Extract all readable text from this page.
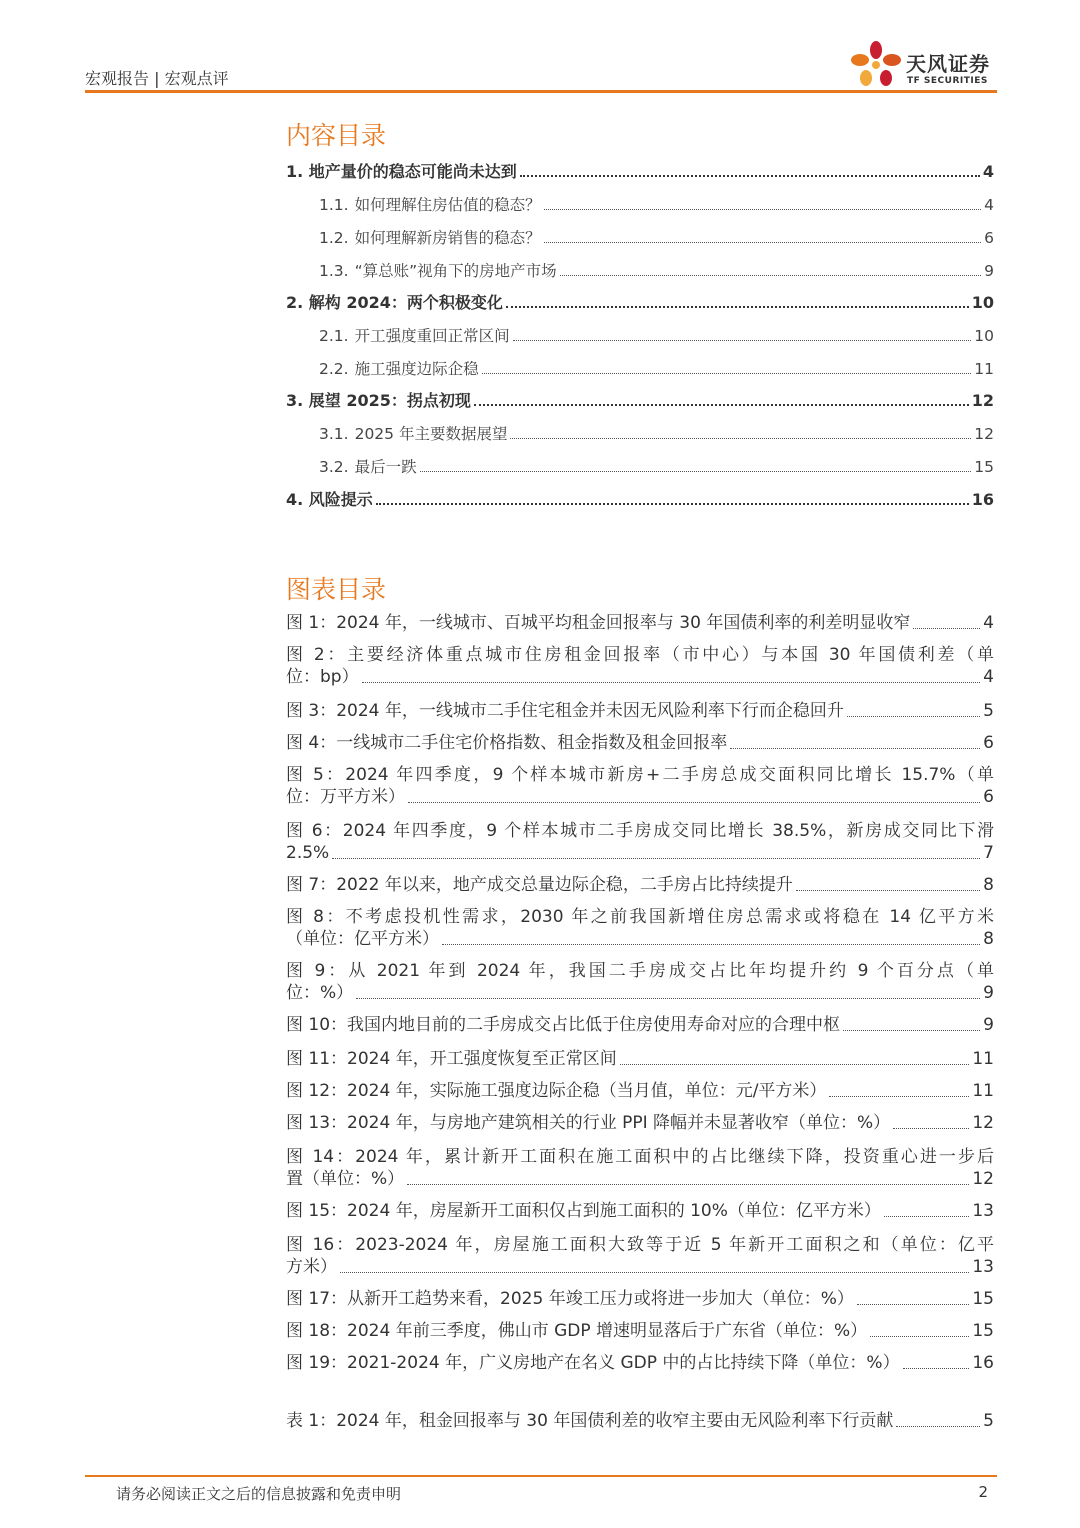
宏观报告 | 宏观点评
天风证券
TF SECURITIES
内容目录
1. 地产量价的稳态可能尚未达到	4
1.1. 如何理解住房估值的稳态？	4
1.2. 如何理解新房销售的稳态？	6
1.3. “算总账”视角下的房地产市场	9
2. 解构 2024：两个积极变化	10
2.1. 开工强度重回正常区间	10
2.2. 施工强度边际企稳	11
3. 展望 2025：拐点初现	12
3.1. 2025 年主要数据展望	12
3.2. 最后一跌	15
4. 风险提示	16
图表目录
图 1：2024 年，一线城市、百城平均租金回报率与 30 年国债利率的利差明显收窄	4
图 2：主要经济体重点城市住房租金回报率（市中心）与本国 30 年国债利差（单
位：bp）	4
图 3：2024 年，一线城市二手住宅租金并未因无风险利率下行而企稳回升	5
图 4：一线城市二手住宅价格指数、租金指数及租金回报率	6
图 5：2024 年四季度，9 个样本城市新房+二手房总成交面积同比增长 15.7%（单
位：万平方米）	6
图 6：2024 年四季度，9 个样本城市二手房成交同比增长 38.5%，新房成交同比下滑
2.5%	7
图 7：2022 年以来，地产成交总量边际企稳，二手房占比持续提升	8
图 8：不考虑投机性需求，2030 年之前我国新增住房总需求或将稳在 14 亿平方米
（单位：亿平方米）	8
图 9：从 2021 年到 2024 年，我国二手房成交占比年均提升约 9 个百分点（单
位：%）	9
图 10：我国内地目前的二手房成交占比低于住房使用寿命对应的合理中枢	9
图 11：2024 年，开工强度恢复至正常区间	11
图 12：2024 年，实际施工强度边际企稳（当月值，单位：元/平方米）	11
图 13：2024 年，与房地产建筑相关的行业 PPI 降幅并未显著收窄（单位：%）	12
图 14：2024 年，累计新开工面积在施工面积中的占比继续下降，投资重心进一步后
置（单位：%）	12
图 15：2024 年，房屋新开工面积仅占到施工面积的 10%（单位：亿平方米）	13
图 16：2023-2024 年，房屋施工面积大致等于近 5 年新开工面积之和（单位：亿平
方米）	13
图 17：从新开工趋势来看，2025 年竣工压力或将进一步加大（单位：%）	15
图 18：2024 年前三季度，佛山市 GDP 增速明显落后于广东省（单位：%）	15
图 19：2021-2024 年，广义房地产在名义 GDP 中的占比持续下降（单位：%）	16
表 1：2024 年，租金回报率与 30 年国债利差的收窄主要由无风险利率下行贡献	5
请务必阅读正文之后的信息披露和免责申明	2
